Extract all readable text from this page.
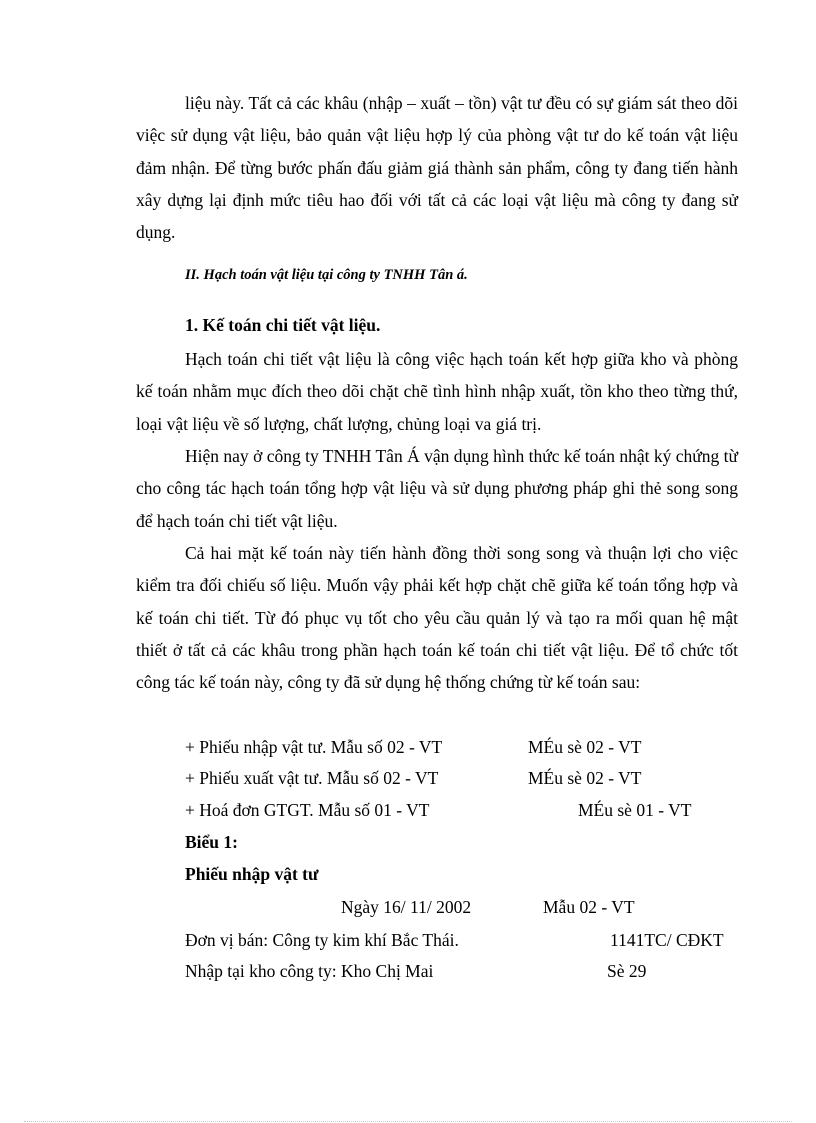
liệu này. Tất cả các khâu (nhập – xuất – tồn) vật tư đều có sự giám sát theo dõi việc sử dụng vật liệu, bảo quản vật liệu hợp lý của phòng vật tư do kế toán vật liệu đảm nhận. Để từng bước phấn đấu giảm giá thành sản phẩm, công ty đang tiến hành xây dựng lại định mức tiêu hao đối với tất cả các loại vật liệu mà công ty đang sử dụng.

II. Hạch toán vật liệu tại công ty TNHH Tân á.
1. Kế toán chi tiết vật liệu.

Hạch toán chi tiết vật liệu là công việc hạch toán kết hợp giữa kho và phòng kế toán nhằm mục đích theo dõi chặt chẽ tình hình nhập xuất, tồn kho theo từng thứ, loại vật liệu về số lượng, chất lượng, chủng loại va giá trị.

Hiện nay ở công ty TNHH Tân Á vận dụng hình thức kế toán nhật ký chứng từ cho công tác hạch toán tổng hợp vật liệu và sử dụng phương pháp ghi thẻ song song để hạch toán chi tiết vật liệu.

Cả hai mặt kế toán này tiến hành đồng thời song song và thuận lợi cho việc kiểm tra đối chiếu số liệu. Muốn vậy phải kết hợp chặt chẽ giữa kế toán tổng hợp và kế toán chi tiết. Từ đó phục vụ tốt cho yêu cầu quản lý và tạo ra mối quan hệ mật thiết ở tất cả các khâu trong phần hạch toán kế toán chi tiết vật liệu. Để tổ chức tốt công tác kế toán này, công ty đã sử dụng hệ thống chứng từ kế toán sau:

+ Phiếu nhập vật tư. Mẫu số 02 - VT	MÉu sè 02 - VT
+ Phiếu xuất vật tư. Mẫu số 02 - VT	MÉu sè 02 - VT
+ Hoá đơn GTGT. Mẫu số 01 - VT	MÉu sè 01 - VT
Biểu 1:
Phiếu nhập vật tư
Ngày 16/ 11/ 2002	Mẫu 02 - VT
Đơn vị bán: Công ty kim khí Bắc Thái.	1141TC/ CĐKT
Nhập tại kho công ty: Kho Chị Mai	Sè 29
